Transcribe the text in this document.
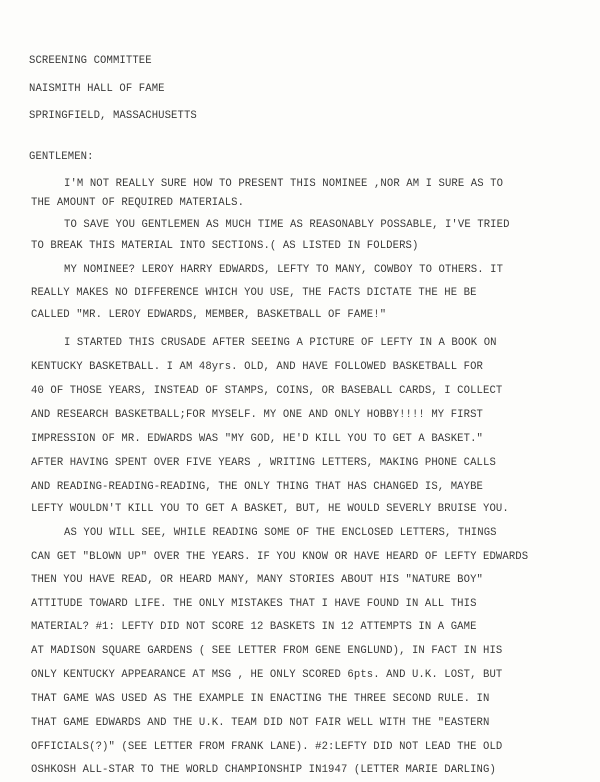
SCREENING COMMITTEE
NAISMITH HALL OF FAME
SPRINGFIELD, MASSACHUSETTS
GENTLEMEN:
I'M NOT REALLY SURE HOW TO PRESENT THIS NOMINEE ,NOR AM I SURE AS TO
THE AMOUNT OF REQUIRED MATERIALS.
TO SAVE YOU GENTLEMEN AS MUCH TIME AS REASONABLY POSSABLE, I'VE TRIED
TO BREAK THIS MATERIAL INTO SECTIONS.( AS LISTED IN FOLDERS)
MY NOMINEE? LEROY HARRY EDWARDS, LEFTY TO MANY, COWBOY TO OTHERS. IT
REALLY MAKES NO DIFFERENCE WHICH YOU USE, THE FACTS DICTATE THE HE BE
CALLED "MR. LEROY EDWARDS, MEMBER, BASKETBALL OF FAME!"
I STARTED THIS CRUSADE AFTER SEEING A PICTURE OF LEFTY IN A BOOK ON
KENTUCKY BASKETBALL. I AM 48yrs. OLD, AND HAVE FOLLOWED BASKETBALL FOR
40 OF THOSE YEARS, INSTEAD OF STAMPS, COINS, OR BASEBALL CARDS, I COLLECT
AND RESEARCH BASKETBALL;FOR MYSELF. MY ONE AND ONLY HOBBY!!!! MY FIRST
IMPRESSION OF MR. EDWARDS WAS "MY GOD, HE'D KILL YOU TO GET A BASKET."
AFTER HAVING SPENT OVER FIVE YEARS , WRITING LETTERS, MAKING PHONE CALLS
AND READING-READING-READING, THE ONLY THING THAT HAS CHANGED IS, MAYBE
LEFTY WOULDN'T KILL YOU TO GET A BASKET, BUT, HE WOULD SEVERLY BRUISE YOU.
AS YOU WILL SEE, WHILE READING SOME OF THE ENCLOSED LETTERS, THINGS
CAN GET "BLOWN UP" OVER THE YEARS. IF YOU KNOW OR HAVE HEARD OF LEFTY EDWARDS
THEN YOU HAVE READ, OR HEARD MANY, MANY STORIES ABOUT HIS "NATURE BOY"
ATTITUDE TOWARD LIFE. THE ONLY MISTAKES THAT I HAVE FOUND IN ALL THIS
MATERIAL? #1: LEFTY DID NOT SCORE 12 BASKETS IN 12 ATTEMPTS IN A GAME
AT MADISON SQUARE GARDENS ( SEE LETTER FROM GENE ENGLUND), IN FACT IN HIS
ONLY KENTUCKY APPEARANCE AT MSG , HE ONLY SCORED 6pts. AND U.K. LOST, BUT
THAT GAME WAS USED AS THE EXAMPLE IN ENACTING THE THREE SECOND RULE. IN
THAT GAME EDWARDS AND THE U.K. TEAM DID NOT FAIR WELL WITH THE "EASTERN
OFFICIALS(?)" (SEE LETTER FROM FRANK LANE). #2:LEFTY DID NOT LEAD THE OLD
OSHKOSH ALL-STAR TO THE WORLD CHAMPIONSHIP IN1947 (LETTER MARIE DARLING)
